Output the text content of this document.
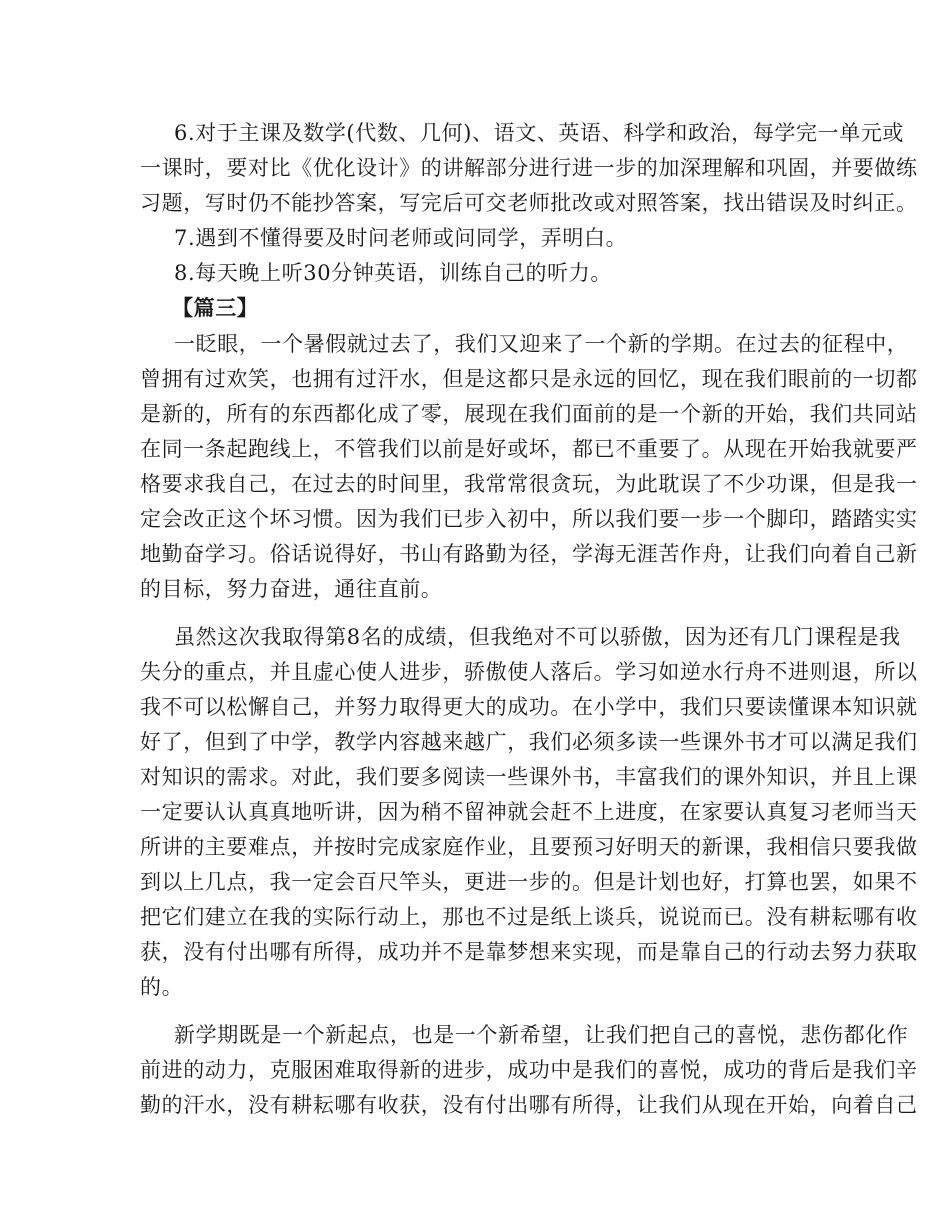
6.对于主课及数学(代数、几何)、语文、英语、科学和政治，每学完一单元或
一课时，要对比《优化设计》的讲解部分进行进一步的加深理解和巩固，并要做练
习题，写时仍不能抄答案，写完后可交老师批改或对照答案，找出错误及时纠正。
7.遇到不懂得要及时问老师或问同学，弄明白。
8.每天晚上听30分钟英语，训练自己的听力。
【篇三】
一眨眼，一个暑假就过去了，我们又迎来了一个新的学期。在过去的征程中，
曾拥有过欢笑，也拥有过汗水，但是这都只是永远的回忆，现在我们眼前的一切都
是新的，所有的东西都化成了零，展现在我们面前的是一个新的开始，我们共同站
在同一条起跑线上，不管我们以前是好或坏，都已不重要了。从现在开始我就要严
格要求我自己，在过去的时间里，我常常很贪玩，为此耽误了不少功课，但是我一
定会改正这个坏习惯。因为我们已步入初中，所以我们要一步一个脚印，踏踏实实
地勤奋学习。俗话说得好，书山有路勤为径，学海无涯苦作舟，让我们向着自己新
的目标，努力奋进，通往直前。
虽然这次我取得第8名的成绩，但我绝对不可以骄傲，因为还有几门课程是我
失分的重点，并且虚心使人进步，骄傲使人落后。学习如逆水行舟不进则退，所以
我不可以松懈自己，并努力取得更大的成功。在小学中，我们只要读懂课本知识就
好了，但到了中学，教学内容越来越广，我们必须多读一些课外书才可以满足我们
对知识的需求。对此，我们要多阅读一些课外书，丰富我们的课外知识，并且上课
一定要认认真真地听讲，因为稍不留神就会赶不上进度，在家要认真复习老师当天
所讲的主要难点，并按时完成家庭作业，且要预习好明天的新课，我相信只要我做
到以上几点，我一定会百尺竿头，更进一步的。但是计划也好，打算也罢，如果不
把它们建立在我的实际行动上，那也不过是纸上谈兵，说说而已。没有耕耘哪有收
获，没有付出哪有所得，成功并不是靠梦想来实现，而是靠自己的行动去努力获取
的。
新学期既是一个新起点，也是一个新希望，让我们把自己的喜悦，悲伤都化作
前进的动力，克服困难取得新的进步，成功中是我们的喜悦，成功的背后是我们辛
勤的汗水，没有耕耘哪有收获，没有付出哪有所得，让我们从现在开始，向着自己
